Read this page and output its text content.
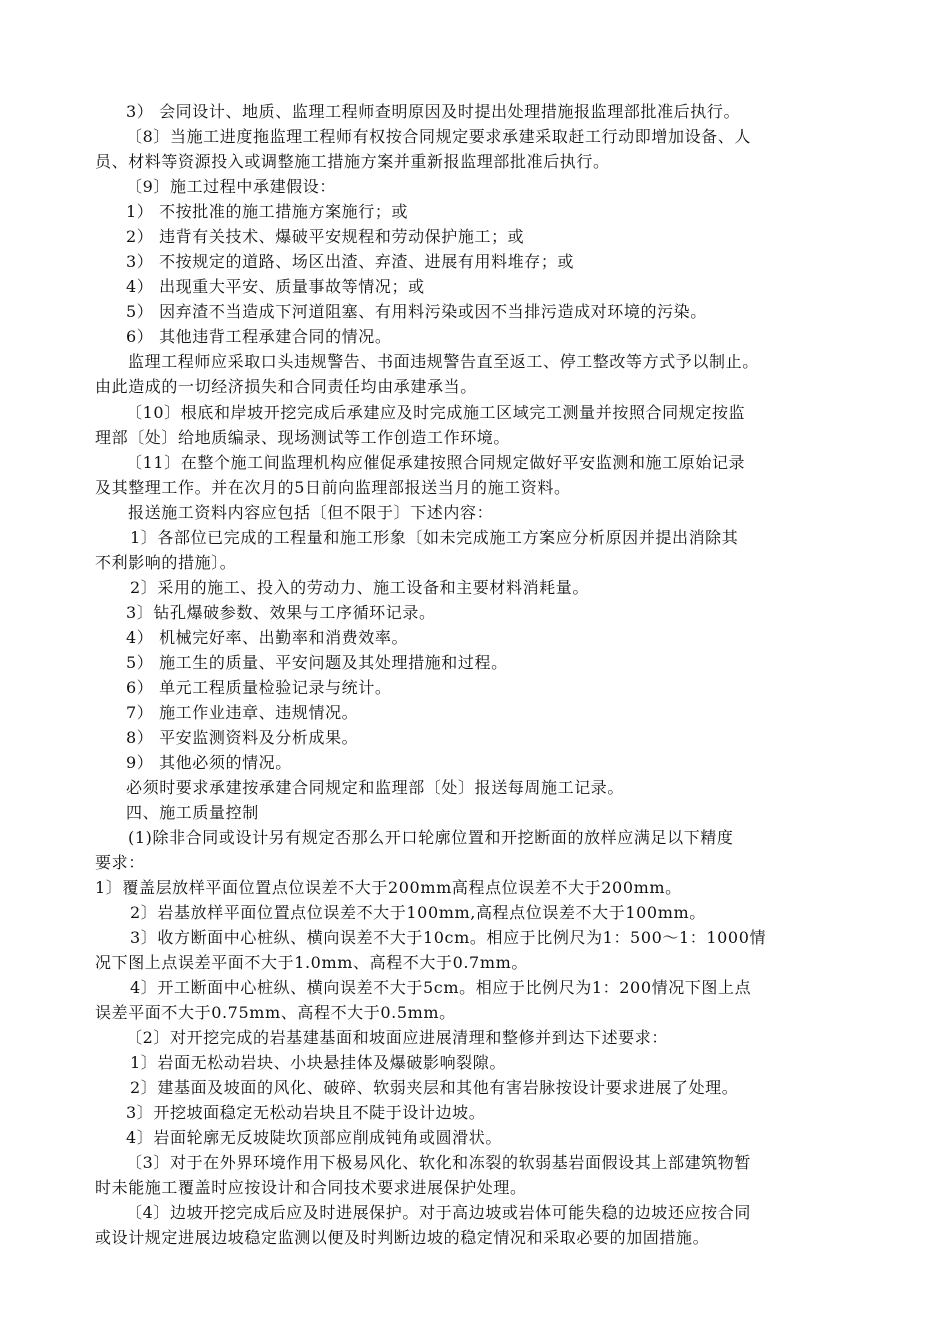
3） 会同设计、地质、监理工程师查明原因及时提出处理措施报监理部批准后执行。
〔8〕当施工进度拖监理工程师有权按合同规定要求承建采取赶工行动即增加设备、人
员、材料等资源投入或调整施工措施方案并重新报监理部批准后执行。
〔9〕施工过程中承建假设：
1） 不按批准的施工措施方案施行；或
2） 违背有关技术、爆破平安规程和劳动保护施工；或
3） 不按规定的道路、场区出渣、弃渣、进展有用料堆存；或
4） 出现重大平安、质量事故等情况；或
5） 因弃渣不当造成下河道阻塞、有用料污染或因不当排污造成对环境的污染。
6） 其他违背工程承建合同的情况。
监理工程师应采取口头违规警告、书面违规警告直至返工、停工整改等方式予以制止。
由此造成的一切经济损失和合同责任均由承建承当。
〔10〕根底和岸坡开挖完成后承建应及时完成施工区域完工测量并按照合同规定按监
理部〔处〕给地质编录、现场测试等工作创造工作环境。
〔11〕在整个施工间监理机构应催促承建按照合同规定做好平安监测和施工原始记录
及其整理工作。并在次月的5日前向监理部报送当月的施工资料。
报送施工资料内容应包括〔但不限于〕下述内容：
1〕各部位已完成的工程量和施工形象〔如未完成施工方案应分析原因并提出消除其
不利影响的措施〕。
2〕采用的施工、投入的劳动力、施工设备和主要材料消耗量。
3〕钻孔爆破参数、效果与工序循环记录。
4） 机械完好率、出勤率和消费效率。
5） 施工生的质量、平安问题及其处理措施和过程。
6） 单元工程质量检验记录与统计。
7） 施工作业违章、违规情况。
8） 平安监测资料及分析成果。
9） 其他必须的情况。
必须时要求承建按承建合同规定和监理部〔处〕报送每周施工记录。
四、施工质量控制
(1)除非合同或设计另有规定否那么开口轮廓位置和开挖断面的放样应满足以下精度
要求：
1〕覆盖层放样平面位置点位误差不大于200mm高程点位误差不大于200mm。
2〕岩基放样平面位置点位误差不大于100mm,高程点位误差不大于100mm。
3〕收方断面中心桩纵、横向误差不大于10cm。相应于比例尺为1：500～1：1000情
况下图上点误差平面不大于1.0mm、高程不大于0.7mm。
4〕开工断面中心桩纵、横向误差不大于5cm。相应于比例尺为1：200情况下图上点
误差平面不大于0.75mm、高程不大于0.5mm。
〔2〕对开挖完成的岩基建基面和坡面应进展清理和整修并到达下述要求：
1〕岩面无松动岩块、小块悬挂体及爆破影响裂隙。
2〕建基面及坡面的风化、破碎、软弱夹层和其他有害岩脉按设计要求进展了处理。
3〕开挖坡面稳定无松动岩块且不陡于设计边坡。
4〕岩面轮廓无反坡陡坎顶部应削成钝角或圆滑状。
〔3〕对于在外界环境作用下极易风化、软化和冻裂的软弱基岩面假设其上部建筑物暂
时未能施工覆盖时应按设计和合同技术要求进展保护处理。
〔4〕边坡开挖完成后应及时进展保护。对于高边坡或岩体可能失稳的边坡还应按合同
或设计规定进展边坡稳定监测以便及时判断边坡的稳定情况和采取必要的加固措施。
